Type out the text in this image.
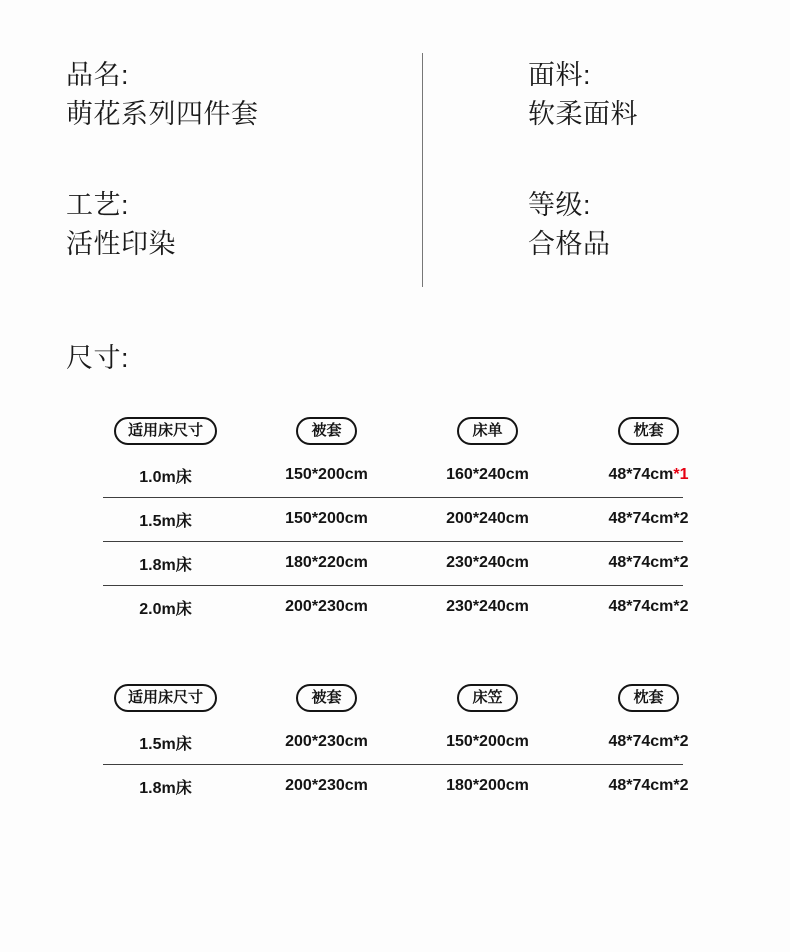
品名:
萌花系列四件套
工艺:
活性印染
面料:
软柔面料
等级:
合格品
尺寸:
适用床尺寸	被套	床单	枕套
1.0m床	150*200cm	160*240cm	48*74cm*1
1.5m床	150*200cm	200*240cm	48*74cm*2
1.8m床	180*220cm	230*240cm	48*74cm*2
2.0m床	200*230cm	230*240cm	48*74cm*2
适用床尺寸	被套	床笠	枕套
1.5m床	200*230cm	150*200cm	48*74cm*2
1.8m床	200*230cm	180*200cm	48*74cm*2
